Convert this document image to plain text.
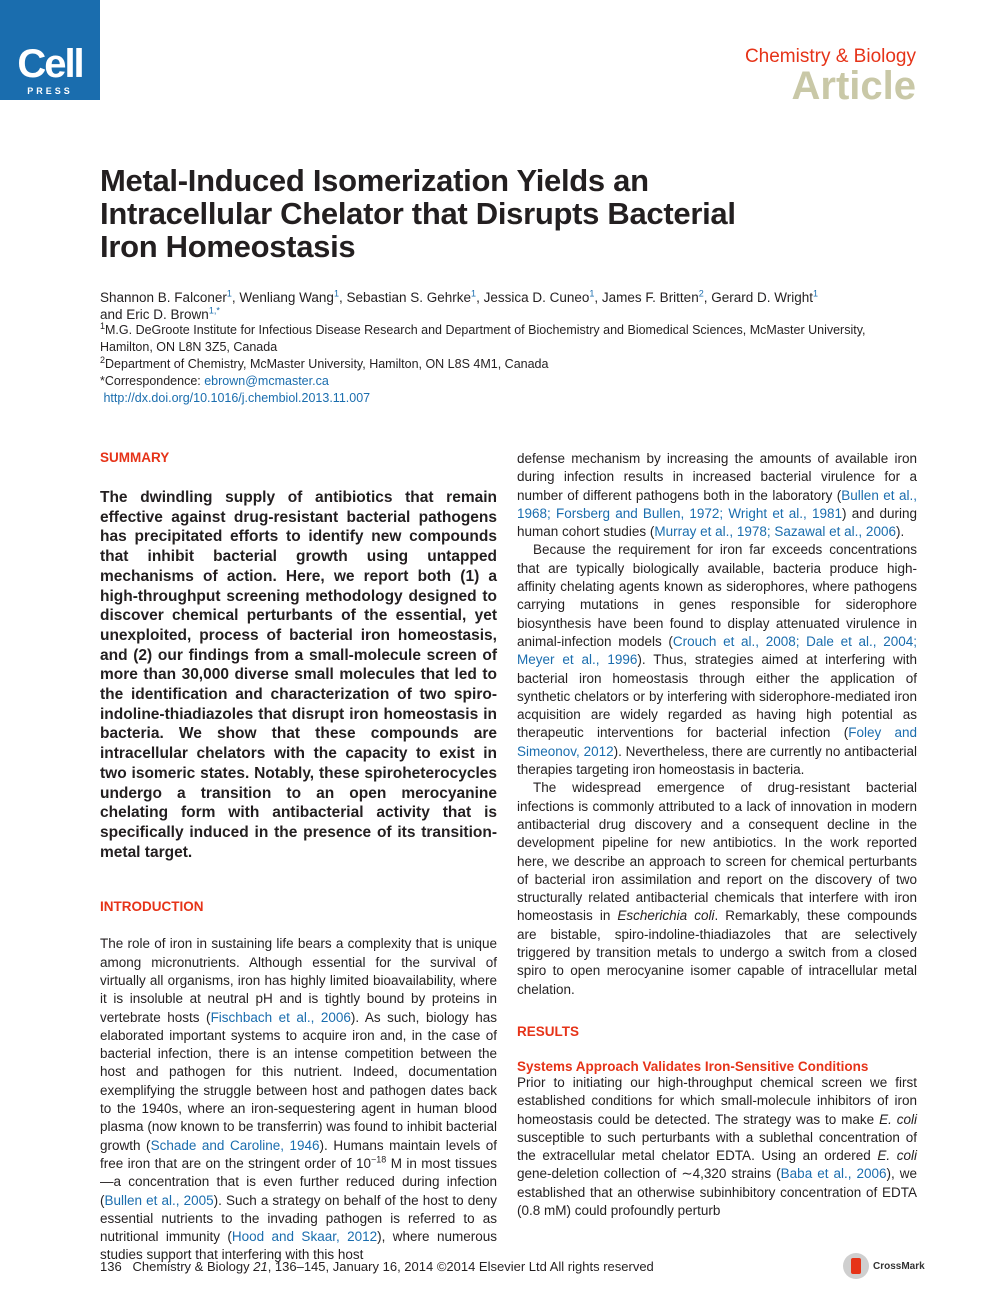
Cell
PRESS
Chemistry & Biology
Article
Metal-Induced Isomerization Yields an Intracellular Chelator that Disrupts Bacterial Iron Homeostasis
Shannon B. Falconer$^1$, Wenliang Wang$^1$, Sebastian S. Gehrke$^1$, Jessica D. Cuneo$^1$, James F. Britten$^2$, Gerard D. Wright$^1$
and Eric D. Brown$^{1,*}$
$^1$M.G. DeGroote Institute for Infectious Disease Research and Department of Biochemistry and Biomedical Sciences, McMaster University, Hamilton, ON L8N 3Z5, Canada
$^2$Department of Chemistry, McMaster University, Hamilton, ON L8S 4M1, Canada
*Correspondence: ebrown@mcmaster.ca
http://dx.doi.org/10.1016/j.chembiol.2013.11.007
SUMMARY

The dwindling supply of antibiotics that remain effective against drug-resistant bacterial pathogens has precipitated efforts to identify new compounds that inhibit bacterial growth using untapped mechanisms of action. Here, we report both (1) a high-throughput screening methodology designed to discover chemical perturbants of the essential, yet unexploited, process of bacterial iron homeostasis, and (2) our findings from a small-molecule screen of more than 30,000 diverse small molecules that led to the identification and characterization of two spiro-indoline-thiadiazoles that disrupt iron homeostasis in bacteria. We show that these compounds are intracellular chelators with the capacity to exist in two isomeric states. Notably, these spiroheterocycles undergo a transition to an open merocyanine chelating form with antibacterial activity that is specifically induced in the presence of its transition-metal target.

INTRODUCTION

The role of iron in sustaining life bears a complexity that is unique among micronutrients. Although essential for the survival of virtually all organisms, iron has highly limited bioavailability, where it is insoluble at neutral pH and is tightly bound by proteins in vertebrate hosts (Fischbach et al., 2006). As such, biology has elaborated important systems to acquire iron and, in the case of bacterial infection, there is an intense competition between the host and pathogen for this nutrient. Indeed, documentation exemplifying the struggle between host and pathogen dates back to the 1940s, where an iron-sequestering agent in human blood plasma (now known to be transferrin) was found to inhibit bacterial growth (Schade and Caroline, 1946). Humans maintain levels of free iron that are on the stringent order of $10^{-18}$ M in most tissues—a concentration that is even further reduced during infection (Bullen et al., 2005). Such a strategy on behalf of the host to deny essential nutrients to the invading pathogen is referred to as nutritional immunity (Hood and Skaar, 2012), where numerous studies support that interfering with this host

defense mechanism by increasing the amounts of available iron during infection results in increased bacterial virulence for a number of different pathogens both in the laboratory (Bullen et al., 1968; Forsberg and Bullen, 1972; Wright et al., 1981) and during human cohort studies (Murray et al., 1978; Sazawal et al., 2006).

Because the requirement for iron far exceeds concentrations that are typically biologically available, bacteria produce high-affinity chelating agents known as siderophores, where pathogens carrying mutations in genes responsible for siderophore biosynthesis have been found to display attenuated virulence in animal-infection models (Crouch et al., 2008; Dale et al., 2004; Meyer et al., 1996). Thus, strategies aimed at interfering with bacterial iron homeostasis through either the application of synthetic chelators or by interfering with siderophore-mediated iron acquisition are widely regarded as having high potential as therapeutic interventions for bacterial infection (Foley and Simeonov, 2012). Nevertheless, there are currently no antibacterial therapies targeting iron homeostasis in bacteria.

The widespread emergence of drug-resistant bacterial infections is commonly attributed to a lack of innovation in modern antibacterial drug discovery and a consequent decline in the development pipeline for new antibiotics. In the work reported here, we describe an approach to screen for chemical perturbants of bacterial iron assimilation and report on the discovery of two structurally related antibacterial chemicals that interfere with iron homeostasis in Escherichia coli. Remarkably, these compounds are bistable, spiro-indoline-thiadiazoles that are selectively triggered by transition metals to undergo a switch from a closed spiro to open merocyanine isomer capable of intracellular metal chelation.

RESULTS
Systems Approach Validates Iron-Sensitive Conditions

Prior to initiating our high-throughput chemical screen we first established conditions for which small-molecule inhibitors of iron homeostasis could be detected. The strategy was to make E. coli susceptible to such perturbants with a sublethal concentration of the extracellular metal chelator EDTA. Using an ordered E. coli gene-deletion collection of ∼4,320 strains (Baba et al., 2006), we established that an otherwise subinhibitory concentration of EDTA (0.8 mM) could profoundly perturb

136 Chemistry & Biology 21, 136–145, January 16, 2014 ©2014 Elsevier Ltd All rights reserved	CrossMark
